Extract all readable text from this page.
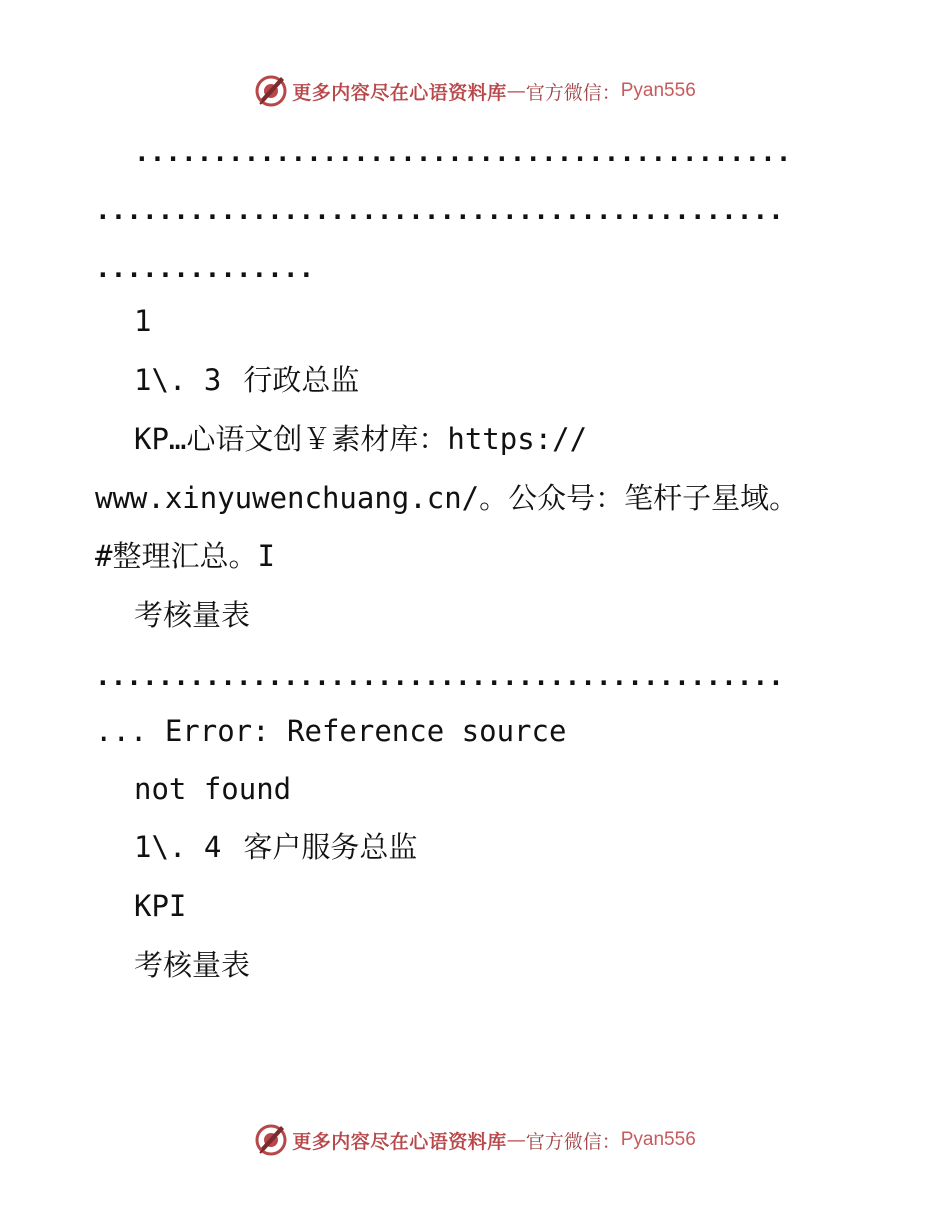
更多内容尽在心语资料库 — 官方微信： Pyan556
..........................................
............................................
..............
1
1\. 3 行政总监
KP…心语文创￥素材库：https://
www.xinyuwenchuang.cn/。公众号：笔杆子星域。
#整理汇总。I
考核量表
............................................
... Error: Reference source
not found
1\. 4 客户服务总监
KPI
考核量表
更多内容尽在心语资料库 — 官方微信： Pyan556
